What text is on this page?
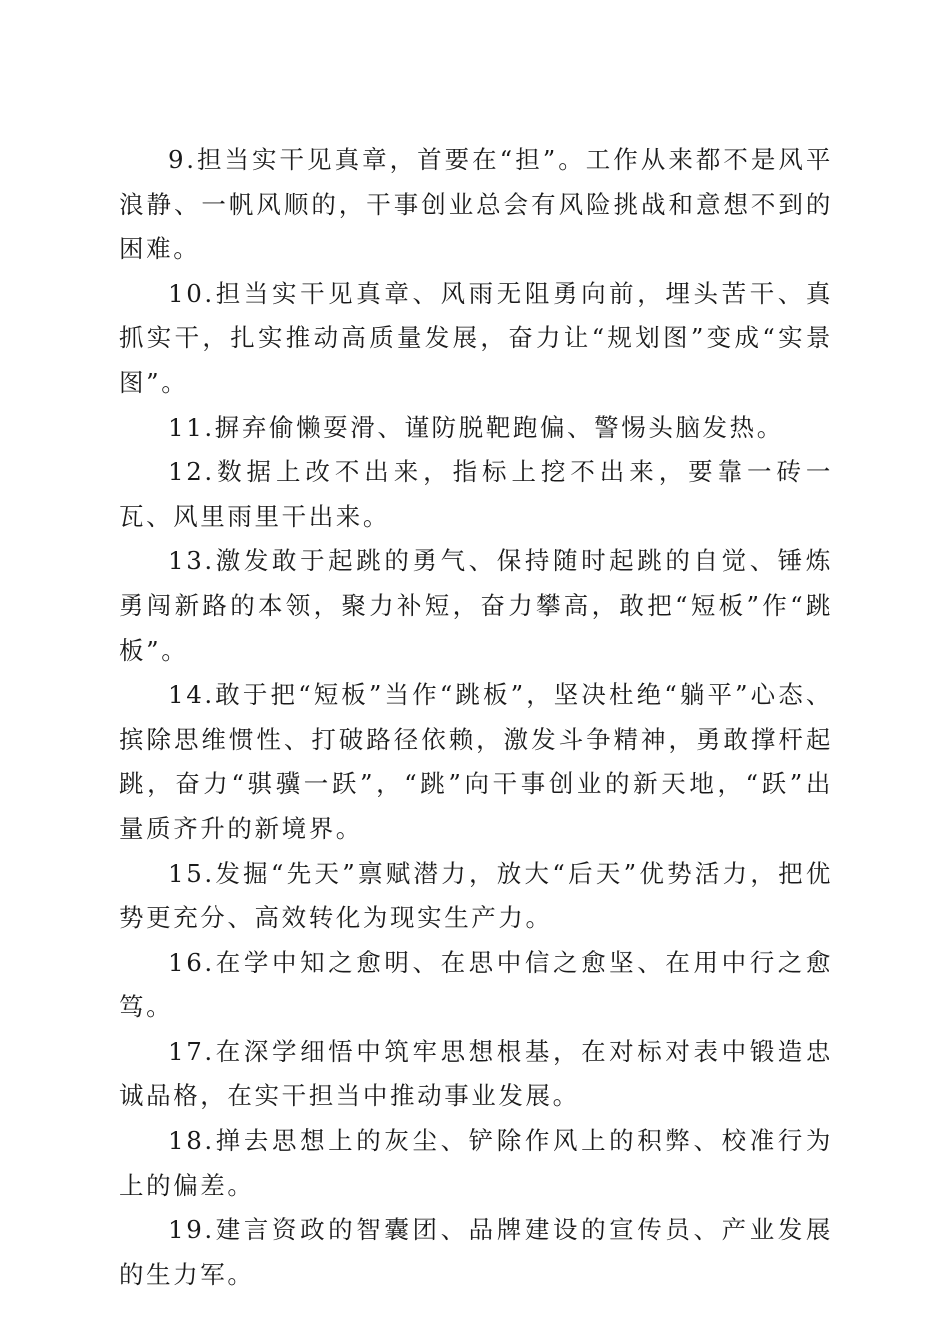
9.担当实干见真章，首要在“担”。工作从来都不是风平浪静、一帆风顺的，干事创业总会有风险挑战和意想不到的困难。

10.担当实干见真章、风雨无阻勇向前，埋头苦干、真抓实干，扎实推动高质量发展，奋力让“规划图”变成“实景图”。

11.摒弃偷懒耍滑、谨防脱靶跑偏、警惕头脑发热。

12.数据上改不出来，指标上挖不出来，要靠一砖一瓦、风里雨里干出来。

13.激发敢于起跳的勇气、保持随时起跳的自觉、锤炼勇闯新路的本领，聚力补短，奋力攀高，敢把“短板”作“跳板”。

14.敢于把“短板”当作“跳板”，坚决杜绝“躺平”心态、摈除思维惯性、打破路径依赖，激发斗争精神，勇敢撑杆起跳，奋力“骐骥一跃”，“跳”向干事创业的新天地，“跃”出量质齐升的新境界。

15.发掘“先天”禀赋潜力，放大“后天”优势活力，把优势更充分、高效转化为现实生产力。

16.在学中知之愈明、在思中信之愈坚、在用中行之愈笃。

17.在深学细悟中筑牢思想根基，在对标对表中锻造忠诚品格，在实干担当中推动事业发展。

18.掸去思想上的灰尘、铲除作风上的积弊、校准行为上的偏差。

19.建言资政的智囊团、品牌建设的宣传员、产业发展的生力军。
